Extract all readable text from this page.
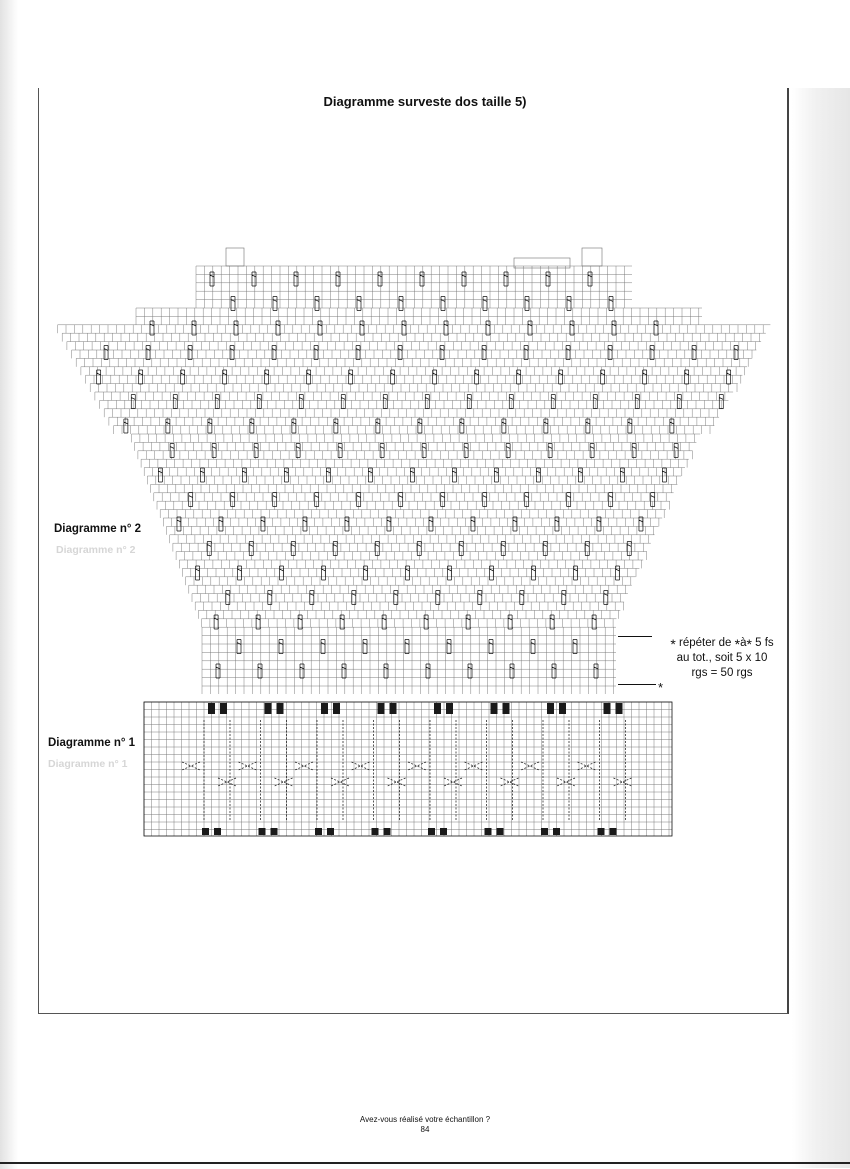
Diagramme surveste dos taille 5)
Diagramme n° 2
Diagramme n° 1
Diagramme n° 2
Diagramme n° 1
*
* répéter de *à* 5 fs
au tot., soit 5 x 10
rgs = 50 rgs
Avez-vous réalisé votre échantillon ?
84
